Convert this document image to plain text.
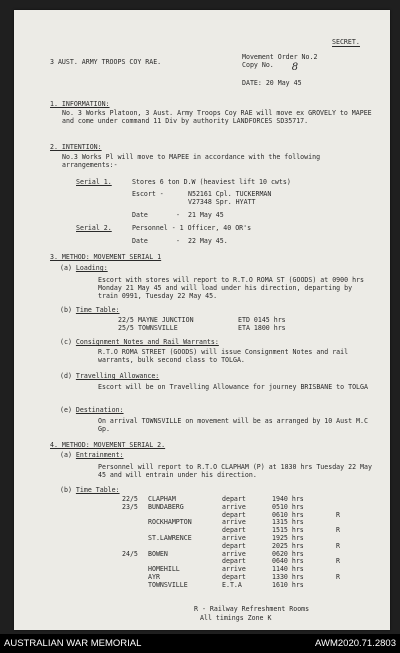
SECRET.
3 AUST. ARMY TROOPS COY RAE.
Movement Order No.2
Copy No. 8
DATE: 20 May 45
1. INFORMATION:
No. 3 Works Platoon, 3 Aust. Army Troops Coy RAE will move ex GROVELY to MAPEE and come under command 11 Div by authority LANDFORCES SD35717.
2. INTENTION:
No.3 Works Pl will move to MAPEE in accordance with the following arrangements:-
Serial 1.	Stores 6 ton D.W (heaviest lift 10 cwts)
Escort -	N52161 Cpl. TUCKERMAN
V27348 Spr. HYATT
Date	- 21 May 45
Serial 2.	Personnel - 1 Officer, 40 OR's
Date	- 22 May 45.
3. METHOD: MOVEMENT SERIAL 1
(a) Loading:
Escort with stores will report to R.T.O ROMA ST (GOODS) at 0900 hrs Monday 21 May 45 and will load under his direction, departing by train 0991, Tuesday 22 May 45.
(b) Time Table:
22/5	MAYNE JUNCTION	ETD 0145 hrs
25/5	TOWNSVILLE	ETA 1800 hrs
(c) Consignment Notes and Rail Warrants:
R.T.O ROMA STREET (GOODS) will issue Consignment Notes and rail warrants, bulk second class to TOLGA.
(d) Travelling Allowance:
Escort will be on Travelling Allowance for journey BRISBANE to TOLGA
(e) Destination:
On arrival TOWNSVILLE on movement will be as arranged by 10 Aust M.C Gp.
4. METHOD: MOVEMENT SERIAL 2.
(a) Entrainment:
Personnel will report to R.T.O CLAPHAM (P) at 1830 hrs Tuesday 22 May 45 and will entrain under his direction.
(b) Time Table:
22/5	CLAPHAM	depart	1940 hrs	
23/5	BUNDABERG	arrive	0510 hrs	
		depart	0610 hrs	R
	ROCKHAMPTON	arrive	1315 hrs	
		depart	1515 hrs	R
	ST.LAWRENCE	arrive	1925 hrs	
		depart	2025 hrs	R
24/5	BOWEN	arrive	0620 hrs	
		depart	0640 hrs	R
	HOMEHILL	arrive	1140 hrs	
	AYR	depart	1330 hrs	R
	TOWNSVILLE	E.T.A	1610 hrs	
R - Railway Refreshment Rooms
All timings Zone K
AUSTRALIAN WAR MEMORIAL	AWM2020.71.2803
